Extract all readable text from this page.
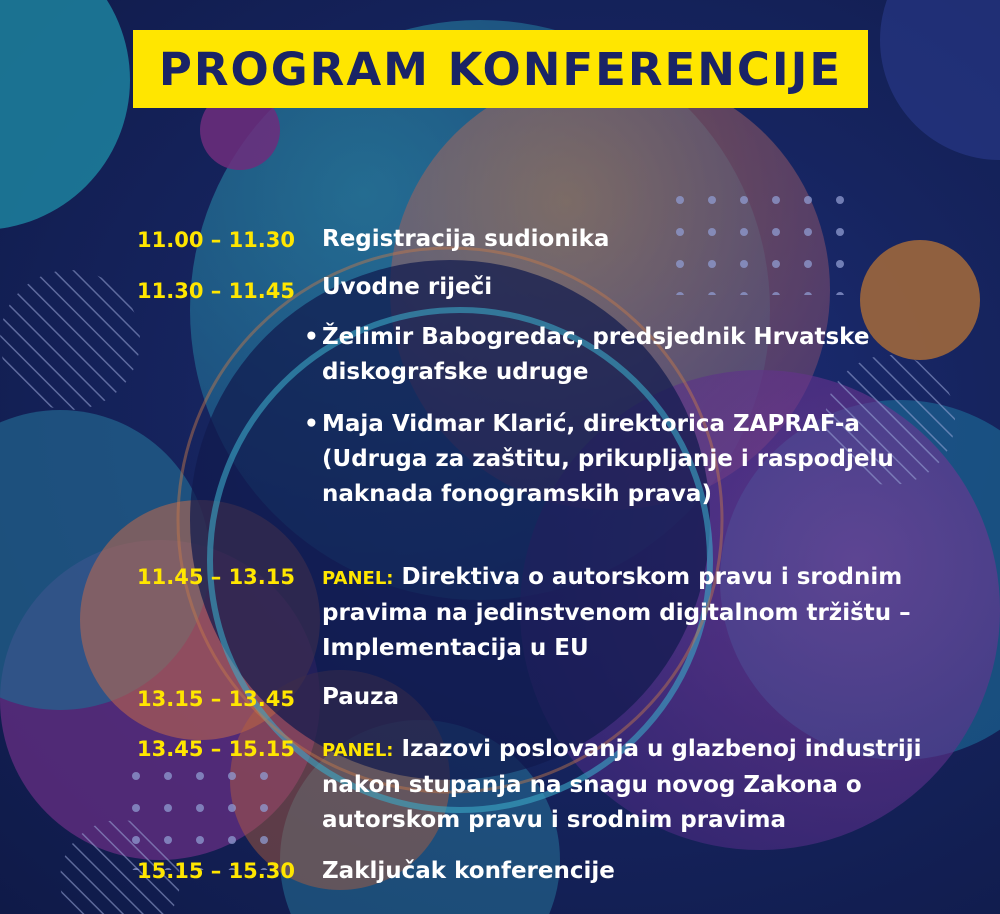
PROGRAM KONFERENCIJE
11.00 – 11.30 Registracija sudionika
11.30 – 11.45 Uvodne riječi
• Želimir Babogredac, predsjednik Hrvatske diskografske udruge
• Maja Vidmar Klarić, direktorica ZAPRAF-a (Udruga za zaštitu, prikupljanje i raspodjelu naknada fonogramskih prava)
11.45 – 13.15 PANEL: Direktiva o autorskom pravu i srodnim pravima na jedinstvenom digitalnom tržištu – Implementacija u EU
13.15 – 13.45 Pauza
13.45 – 15.15 PANEL: Izazovi poslovanja u glazbenoj industriji nakon stupanja na snagu novog Zakona o autorskom pravu i srodnim pravima
15.15 – 15.30 Zaključak konferencije
